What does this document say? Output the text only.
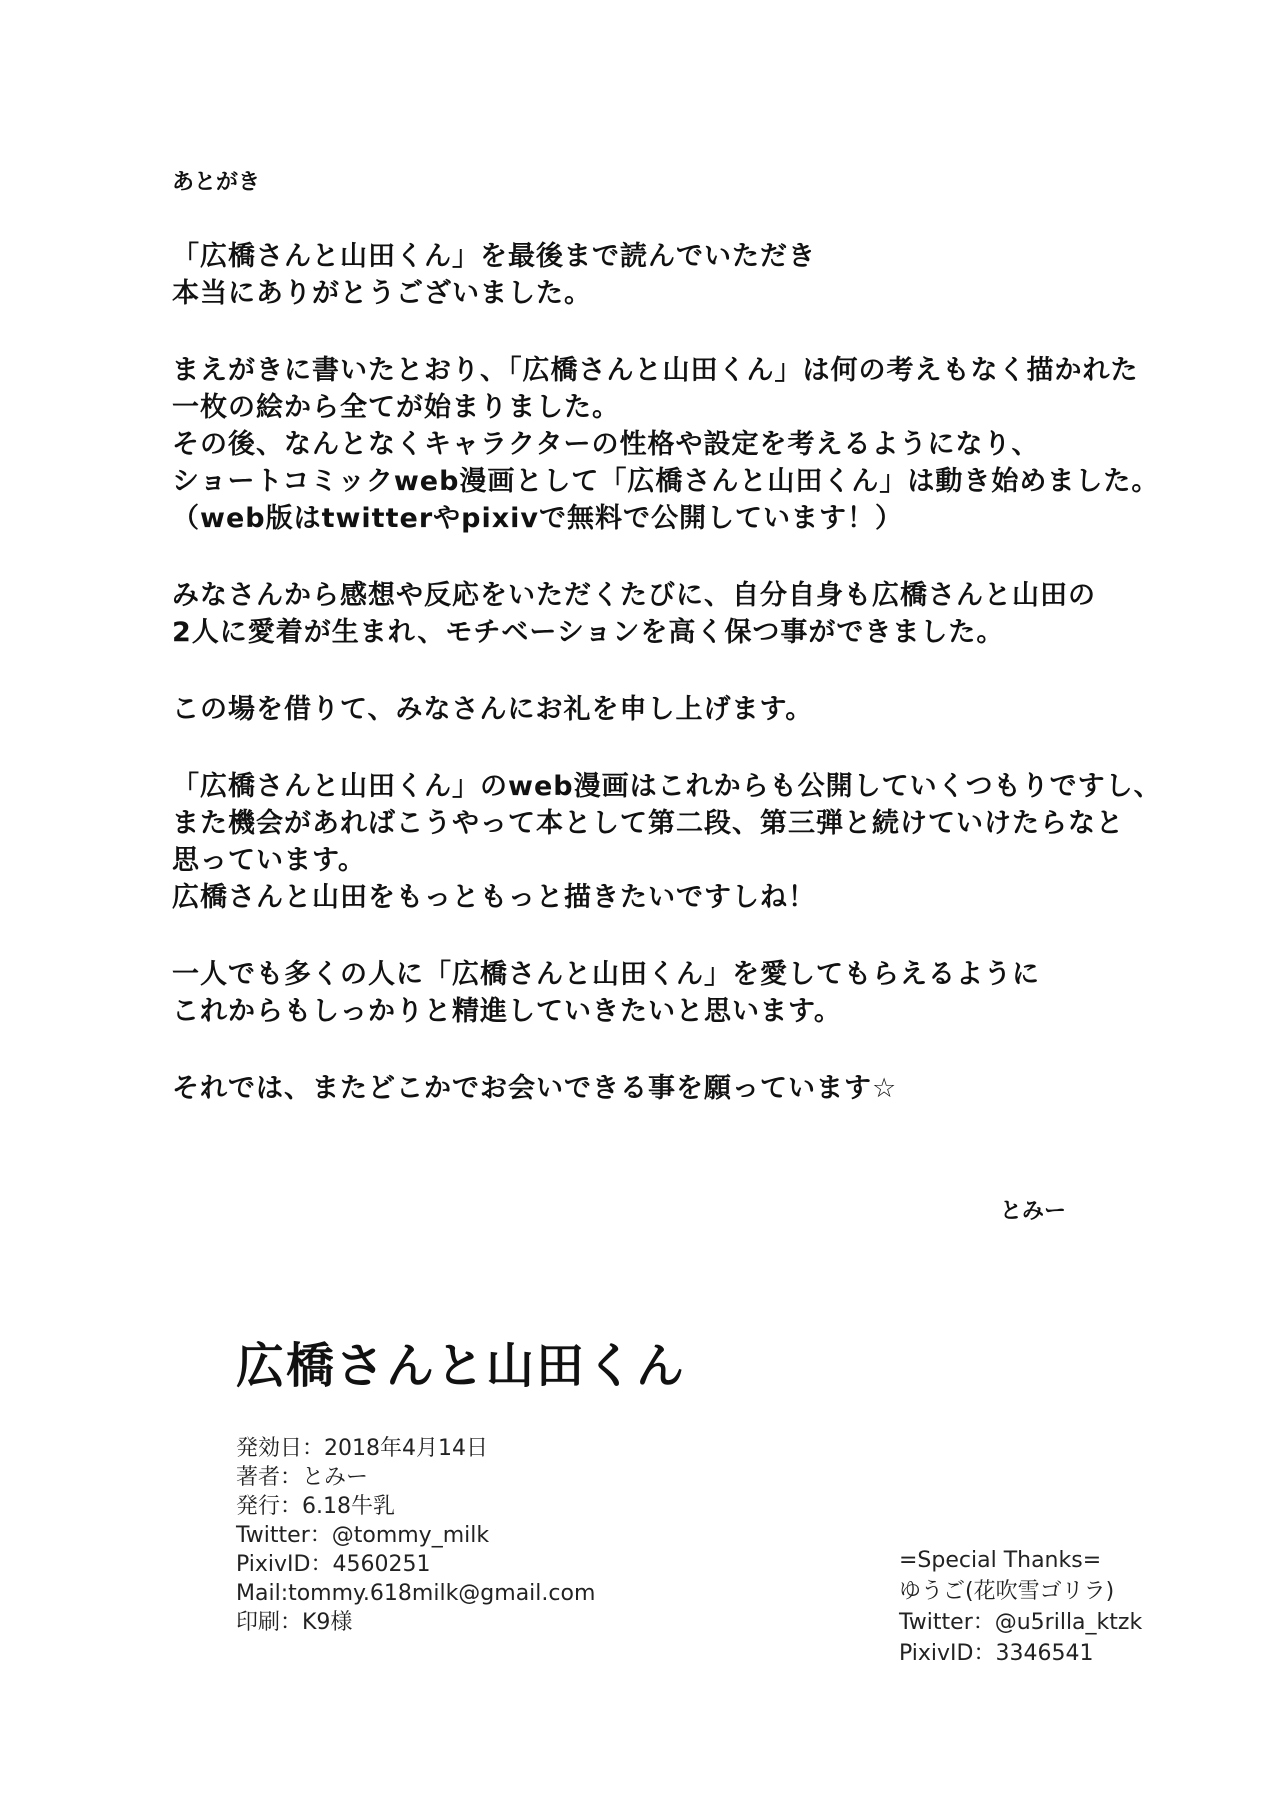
あとがき
「広橋さんと山田くん」を最後まで読んでいただき
本当にありがとうございました。
まえがきに書いたとおり、「広橋さんと山田くん」は何の考えもなく描かれた
一枚の絵から全てが始まりました。
その後、なんとなくキャラクターの性格や設定を考えるようになり、
ショートコミックweb漫画として「広橋さんと山田くん」は動き始めました。
（web版はtwitterやpixivで無料で公開しています！）
みなさんから感想や反応をいただくたびに、自分自身も広橋さんと山田の
2人に愛着が生まれ、モチベーションを高く保つ事ができました。
この場を借りて、みなさんにお礼を申し上げます。
「広橋さんと山田くん」のweb漫画はこれからも公開していくつもりですし、
また機会があればこうやって本として第二段、第三弾と続けていけたらなと
思っています。
広橋さんと山田をもっともっと描きたいですしね！
一人でも多くの人に「広橋さんと山田くん」を愛してもらえるように
これからもしっかりと精進していきたいと思います。
それでは、またどこかでお会いできる事を願っています☆
とみー
広橋さんと山田くん
発効日：2018年4月14日
著者：とみー
発行：6.18牛乳
Twitter：@tommy_milk
PixivID：4560251
Mail:tommy.618milk@gmail.com
印刷：K9様
=Special Thanks=
ゆうご(花吹雪ゴリラ)
Twitter：@u5rilla_ktzk
PixivID：3346541
